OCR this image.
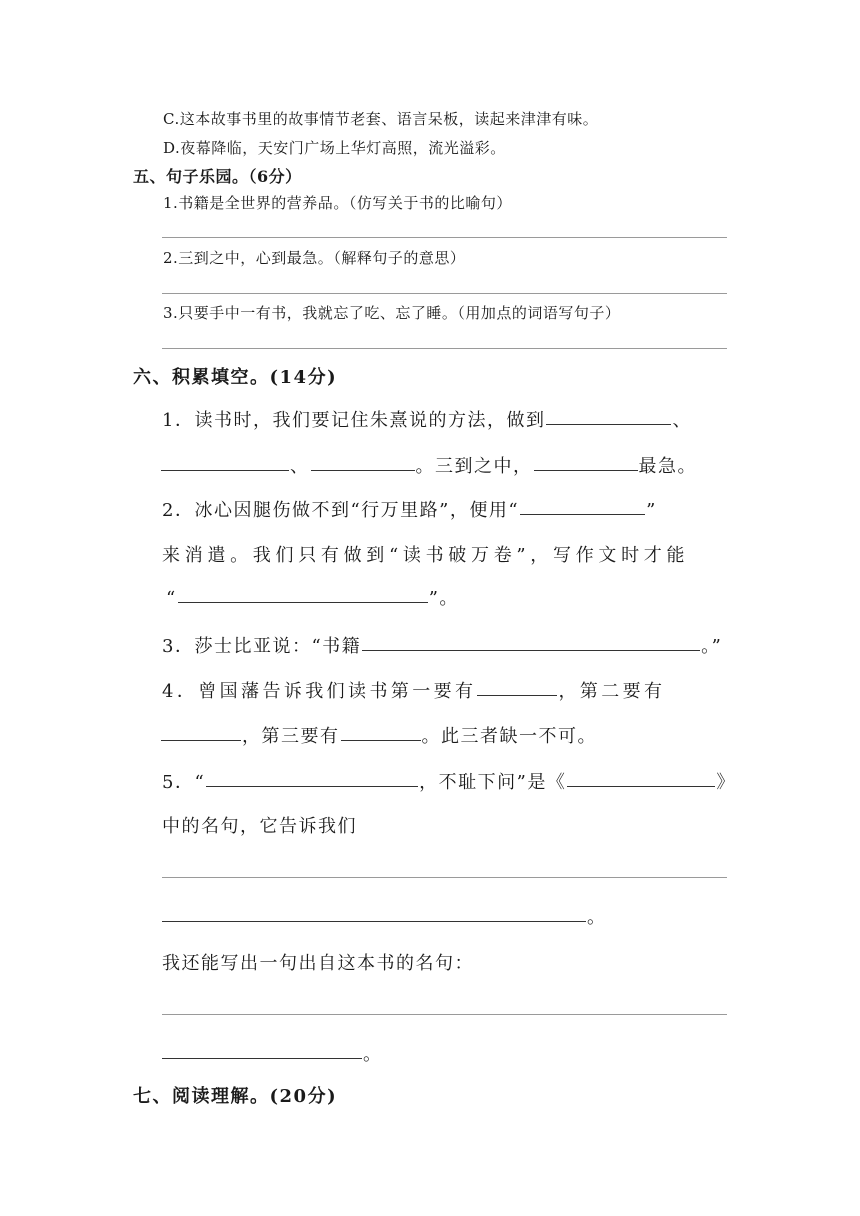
C.这本故事书里的故事情节老套、语言呆板，读起来津津有味。
D.夜幕降临，天安门广场上华灯高照，流光溢彩。
五、句子乐园。（6分）
1.书籍是全世界的营养品。（仿写关于书的比喻句）
2.三到之中，心到最急。（解释句子的意思）
3.只要手中一有书，我就忘了吃、忘了睡。（用加点的词语写句子）
六、积累填空。(14分)
1．读书时，我们要记住朱熹说的方法，做到	、
、	。三到之中，	最急。
2．冰心因腿伤做不到“行万里路”，便用“	”
来消遣。我们只有做到“读书破万卷”，写作文时才能
“	”。
3．莎士比亚说：“书籍	。”
4．曾国藩告诉我们读书第一要有	，第二要有
，第三要有	。此三者缺一不可。
5．“	，不耻下问”是《	》
中的名句，它告诉我们
。
我还能写出一句出自这本书的名句：
。
七、阅读理解。(20分)
